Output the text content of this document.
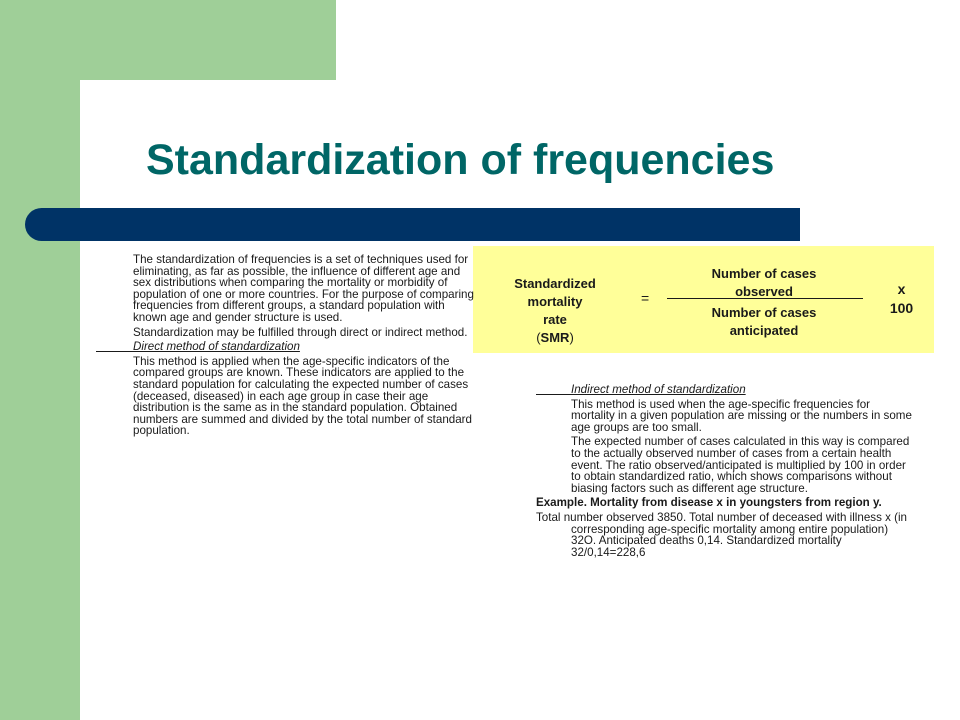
Standardization of frequencies
Standardized
mortality
rate
(SMR)
=
Number of cases
observed
Number of cases
anticipated
x
100

The standardization of frequencies is a set of techniques used for eliminating, as far as possible, the influence of different age and sex distributions when comparing the mortality or morbidity of population of one or more countries. For the purpose of comparing frequencies from different groups, a standard population with known age and gender structure is used.

Standardization may be fulfilled through direct or indirect method.

Direct method of standardization

This method is applied when the age-specific indicators of the compared groups are known. These indicators are applied to the standard population for calculating the expected number of cases (deceased, diseased) in each age group in case their age distribution is the same as in the standard population. Obtained numbers are summed and divided by the total number of standard population.

Indirect method of standardization

This method is used when the age-specific frequencies for mortality in a given population are missing or the numbers in some age groups are too small.

The expected number of cases calculated in this way is compared to the actually observed number of cases from a certain health event. The ratio observed/anticipated is multiplied by 100 in order to obtain standardized ratio, which shows comparisons without biasing factors such as different age structure.

Example. Mortality from disease x in youngsters from region y.

Total number observed 3850. Total number of deceased with illness x (in corresponding age-specific mortality among entire population) 32O. Anticipated deaths 0,14. Standardized mortality 32/0,14=228,6
